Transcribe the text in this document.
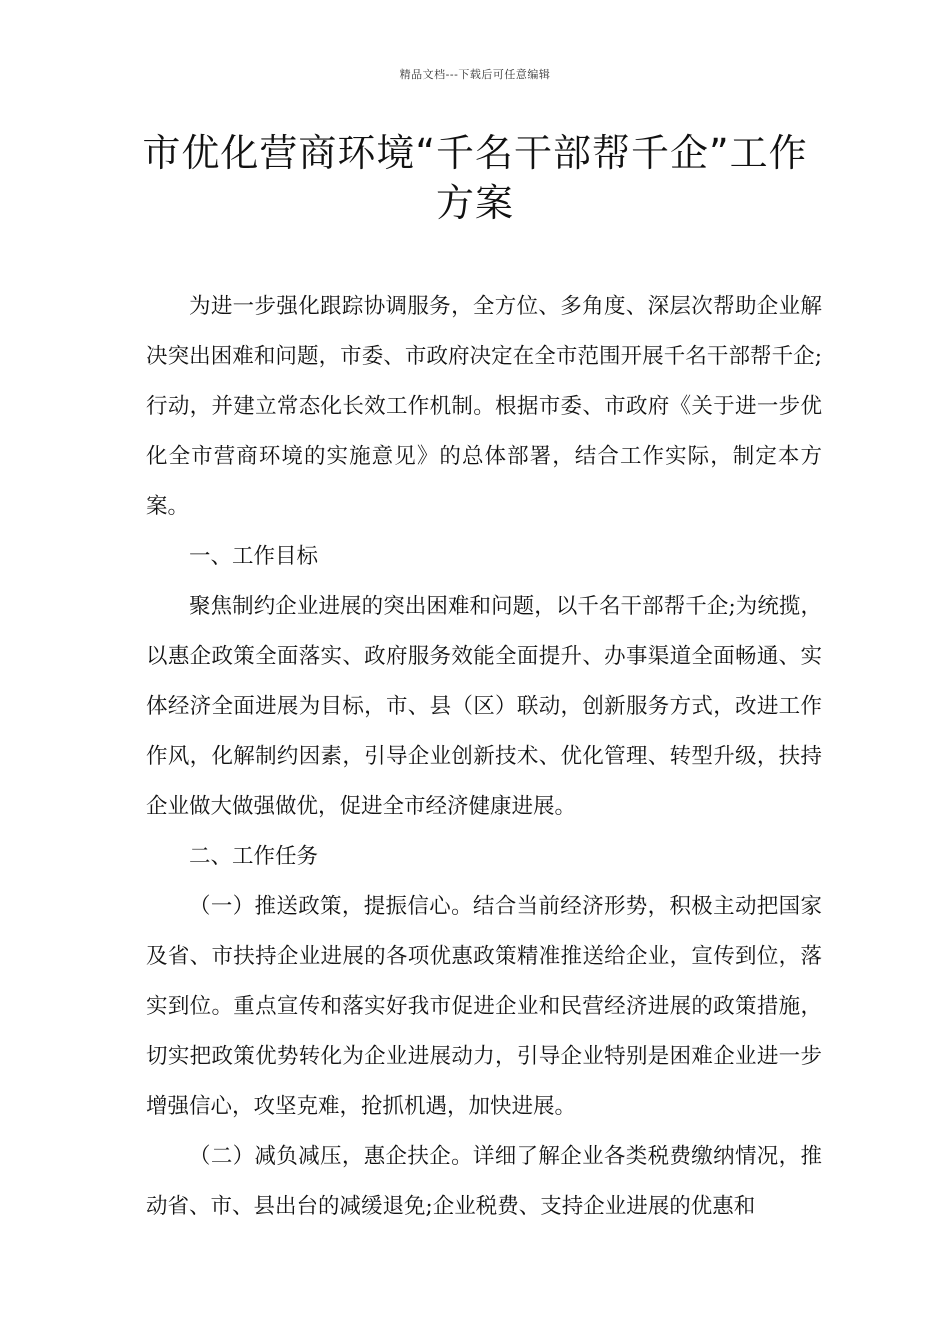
精品文档---下载后可任意编辑
市优化营商环境“千名干部帮千企”工作方案

为进一步强化跟踪协调服务，全方位、多角度、深层次帮助企业解决突出困难和问题，市委、市政府决定在全市范围开展千名干部帮千企;行动，并建立常态化长效工作机制。根据市委、市政府《关于进一步优化全市营商环境的实施意见》的总体部署，结合工作实际，制定本方案。

一、工作目标

聚焦制约企业进展的突出困难和问题，以千名干部帮千企;为统揽，以惠企政策全面落实、政府服务效能全面提升、办事渠道全面畅通、实体经济全面进展为目标，市、县（区）联动，创新服务方式，改进工作作风，化解制约因素，引导企业创新技术、优化管理、转型升级，扶持企业做大做强做优，促进全市经济健康进展。

二、工作任务

（一）推送政策，提振信心。结合当前经济形势，积极主动把国家及省、市扶持企业进展的各项优惠政策精准推送给企业，宣传到位，落实到位。重点宣传和落实好我市促进企业和民营经济进展的政策措施，切实把政策优势转化为企业进展动力，引导企业特别是困难企业进一步增强信心，攻坚克难，抢抓机遇，加快进展。

（二）减负减压，惠企扶企。详细了解企业各类税费缴纳情况，推动省、市、县出台的减缓退免;企业税费、支持企业进展的优惠和
